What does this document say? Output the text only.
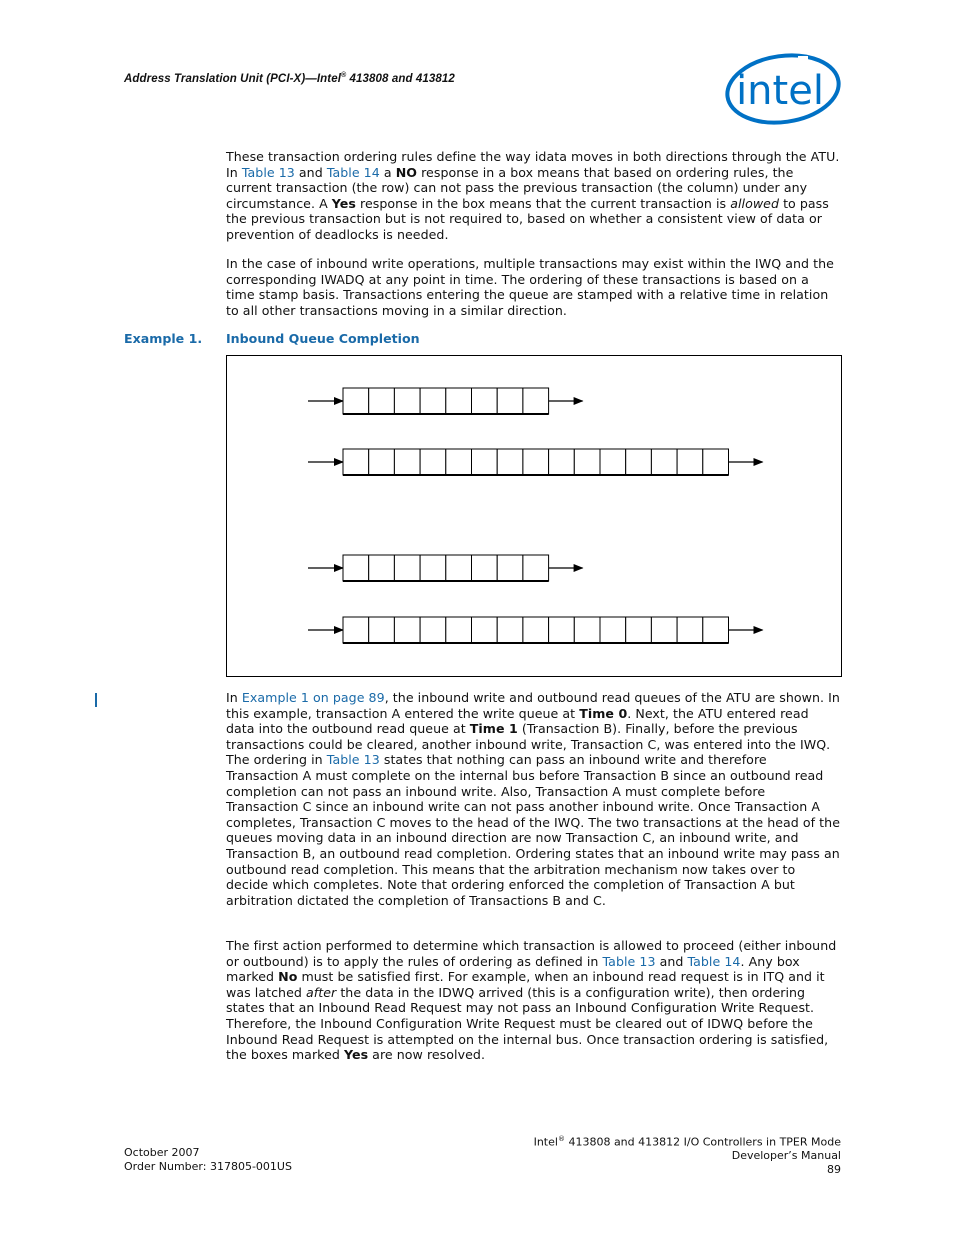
Address Translation Unit (PCI-X)—Intel® 413808 and 413812	intel

These transaction ordering rules define the way idata moves in both directions through the ATU. In Table 13 and Table 14 a NO response in a box means that based on ordering rules, the current transaction (the row) can not pass the previous transaction (the column) under any circumstance. A Yes response in the box means that the current transaction is allowed to pass the previous transaction but is not required to, based on whether a consistent view of data or prevention of deadlocks is needed.

In the case of inbound write operations, multiple transactions may exist within the IWQ and the corresponding IWADQ at any point in time. The ordering of these transactions is based on a time stamp basis. Transactions entering the queue are stamped with a relative time in relation to all other transactions moving in a similar direction.

Example 1. Inbound Queue Completion

In Example 1 on page 89, the inbound write and outbound read queues of the ATU are shown. In this example, transaction A entered the write queue at Time 0. Next, the ATU entered read data into the outbound read queue at Time 1 (Transaction B). Finally, before the previous transactions could be cleared, another inbound write, Transaction C, was entered into the IWQ. The ordering in Table 13 states that nothing can pass an inbound write and therefore Transaction A must complete on the internal bus before Transaction B since an outbound read completion can not pass an inbound write. Also, Transaction A must complete before Transaction C since an inbound write can not pass another inbound write. Once Transaction A completes, Transaction C moves to the head of the IWQ. The two transactions at the head of the queues moving data in an inbound direction are now Transaction C, an inbound write, and Transaction B, an outbound read completion. Ordering states that an inbound write may pass an outbound read completion. This means that the arbitration mechanism now takes over to decide which completes. Note that ordering enforced the completion of Transaction A but arbitration dictated the completion of Transactions B and C.

The first action performed to determine which transaction is allowed to proceed (either inbound or outbound) is to apply the rules of ordering as defined in Table 13 and Table 14. Any box marked No must be satisfied first. For example, when an inbound read request is in ITQ and it was latched after the data in the IDWQ arrived (this is a configuration write), then ordering states that an Inbound Read Request may not pass an Inbound Configuration Write Request. Therefore, the Inbound Configuration Write Request must be cleared out of IDWQ before the Inbound Read Request is attempted on the internal bus. Once transaction ordering is satisfied, the boxes marked Yes are now resolved.

October 2007
Order Number: 317805-001US
Intel® 413808 and 413812 I/O Controllers in TPER Mode
Developer’s Manual
89
